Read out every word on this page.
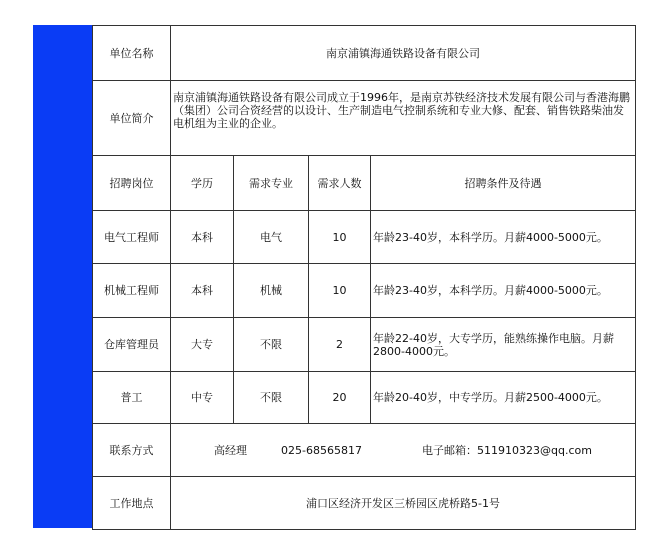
单位名称	南京浦镇海通铁路设备有限公司			
单位简介	南京浦镇海通铁路设备有限公司成立于1996年，是南京苏铁经济技术发展有限公司与香港海鹏（集团）公司合资经营的以设计、生产制造电气控制系统和专业大修、配套、销售铁路柴油发电机组为主业的企业。			
招聘岗位	学历	需求专业	需求人数	招聘条件及待遇
电气工程师	本科	电气	10	年龄23-40岁，本科学历。月薪4000-5000元。
机械工程师	本科	机械	10	年龄23-40岁，本科学历。月薪4000-5000元。
仓库管理员	大专	不限	2	年龄22-40岁，大专学历，能熟练操作电脑。月薪2800-4000元。
普工	中专	不限	20	年龄20-40岁，中专学历。月薪2500-4000元。
联系方式	高经理 025-68565817 电子邮箱：511910323@qq.com			
工作地点	浦口区经济开发区三桥园区虎桥路5-1号			
